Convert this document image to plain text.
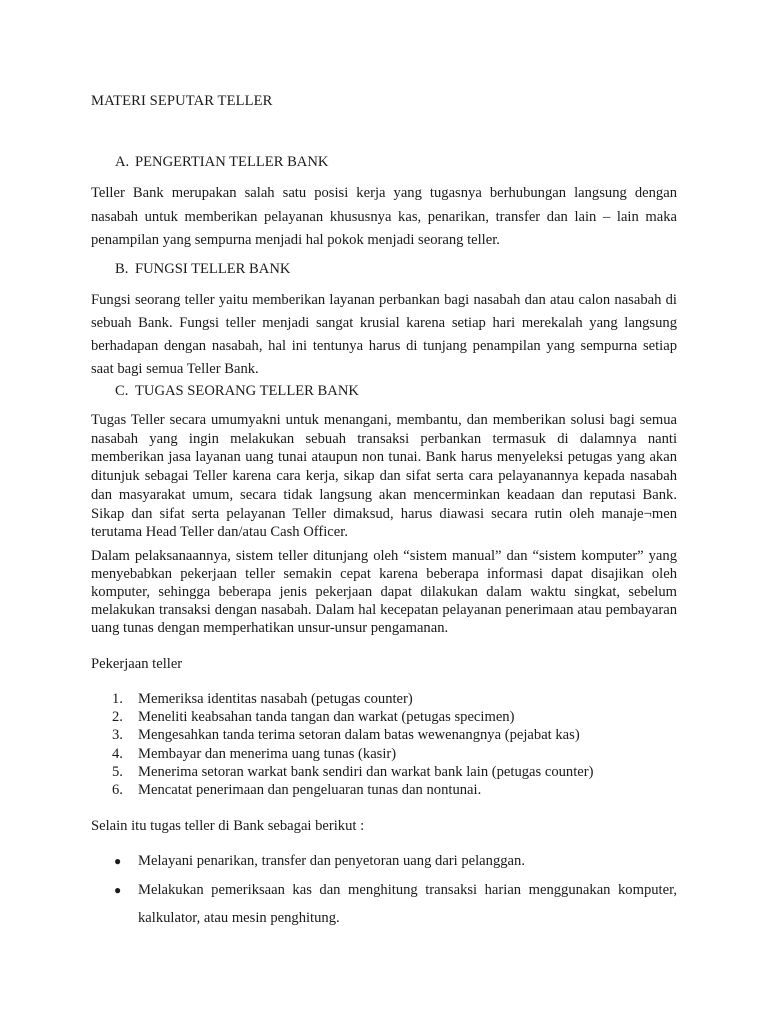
MATERI SEPUTAR TELLER
A. PENGERTIAN TELLER BANK

Teller Bank merupakan salah satu posisi kerja yang tugasnya berhubungan langsung dengan nasabah untuk memberikan pelayanan khususnya kas, penarikan, transfer dan lain – lain maka penampilan yang sempurna menjadi hal pokok menjadi seorang teller.

B. FUNGSI TELLER BANK

Fungsi seorang teller yaitu memberikan layanan perbankan bagi nasabah dan atau calon nasabah di sebuah Bank. Fungsi teller menjadi sangat krusial karena setiap hari merekalah yang langsung berhadapan dengan nasabah, hal ini tentunya harus di tunjang penampilan yang sempurna setiap saat bagi semua Teller Bank.

C. TUGAS SEORANG TELLER BANK

Tugas Teller secara umumyakni untuk menangani, membantu, dan memberikan solusi bagi semua nasabah yang ingin melakukan sebuah transaksi perbankan termasuk di dalamnya nanti memberikan jasa layanan uang tunai ataupun non tunai. Bank harus menyeleksi petugas yang akan ditunjuk sebagai Teller karena cara kerja, sikap dan sifat serta cara pelayanannya kepada nasabah dan masyarakat umum, secara tidak langsung akan mencerminkan keadaan dan reputasi Bank. Sikap dan sifat serta pelayanan Teller dimaksud, harus diawasi secara rutin oleh manaje¬men terutama Head Teller dan/atau Cash Officer.

Dalam pelaksanaannya, sistem teller ditunjang oleh “sistem manual” dan “sistem komputer” yang menyebabkan pekerjaan teller semakin cepat karena beberapa informasi dapat disajikan oleh komputer, sehingga beberapa jenis pekerjaan dapat dilakukan dalam waktu singkat, sebelum melakukan transaksi dengan nasabah. Dalam hal kecepatan pelayanan penerimaan atau pembayaran uang tunas dengan memperhatikan unsur-unsur pengamanan.

Pekerjaan teller

1. Memeriksa identitas nasabah (petugas counter)
2. Meneliti keabsahan tanda tangan dan warkat (petugas specimen)
3. Mengesahkan tanda terima setoran dalam batas wewenangnya (pejabat kas)
4. Membayar dan menerima uang tunas (kasir)
5. Menerima setoran warkat bank sendiri dan warkat bank lain (petugas counter)
6. Mencatat penerimaan dan pengeluaran tunas dan nontunai.

Selain itu tugas teller di Bank sebagai berikut :

● Melayani penarikan, transfer dan penyetoran uang dari pelanggan.
● Melakukan pemeriksaan kas dan menghitung transaksi harian menggunakan komputer, kalkulator, atau mesin penghitung.
